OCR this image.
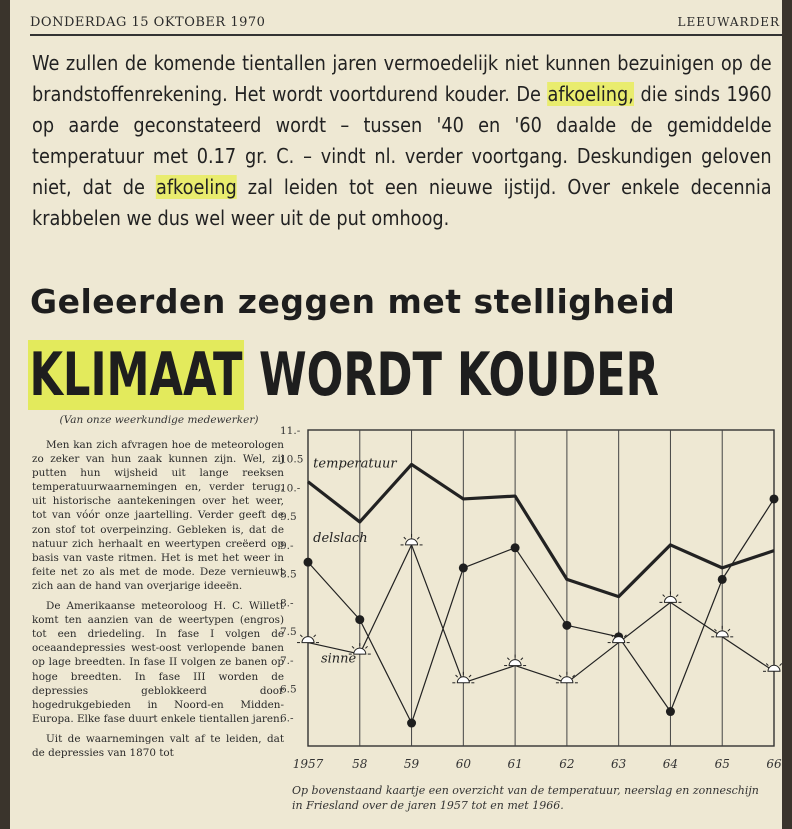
DONDERDAG 15 OKTOBER 1970	LEEUWARDER
We zullen de komende tientallen jaren vermoedelijk niet kunnen bezuinigen op de brandstoffenrekening. Het wordt voortdurend kouder. De afkoeling, die sinds 1960 op aarde geconstateerd wordt – tussen '40 en '60 daalde de gemiddelde temperatuur met 0.17 gr. C. – vindt nl. verder voortgang. Deskundigen geloven niet, dat de afkoeling zal leiden tot een nieuwe ijstijd. Over enkele decennia krabbelen we dus wel weer uit de put omhoog.
Geleerden zeggen met stelligheid
KLIMAAT WORDT KOUDER
(Van onze weerkundige medewerker)

Men kan zich afvragen hoe de meteorologen zo zeker van hun zaak kunnen zijn. Wel, zij putten hun wijsheid uit lange reeksen temperatuurwaarnemingen en, verder terug, uit historische aantekeningen over het weer, tot van vóór onze jaartelling. Verder geeft de zon stof tot overpeinzing. Gebleken is, dat de natuur zich herhaalt en weertypen creëerd op basis van vaste ritmen. Het is met het weer in feite net zo als met de mode. Deze vernieuwt zich aan de hand van overjarige ideeën.

De Amerikaanse meteoroloog H. C. Willett komt ten aanzien van de weertypen (engros) tot een driedeling. In fase I volgen de oceaandepressies west-oost verlopende banen op lage breedten. In fase II volgen ze banen op hoge breedten. In fase III worden de depressies geblokkeerd door hogedrukgebieden in Noord-en Midden-Europa. Elke fase duurt enkele tientallen jaren.

Uit de waarnemingen valt af te leiden, dat de depressies van 1870 tot

11.-
10.5
10.-
9.5
9.-
8.5
8.-
7.5
7.-
6.5
6.-
1957 58	59	60	61	62	63	64	65	66
temperatuur
delslach
sinne
Op bovenstaand kaartje een overzicht van de temperatuur, neerslag en zonneschijn in Friesland over de jaren 1957 tot en met 1966.
